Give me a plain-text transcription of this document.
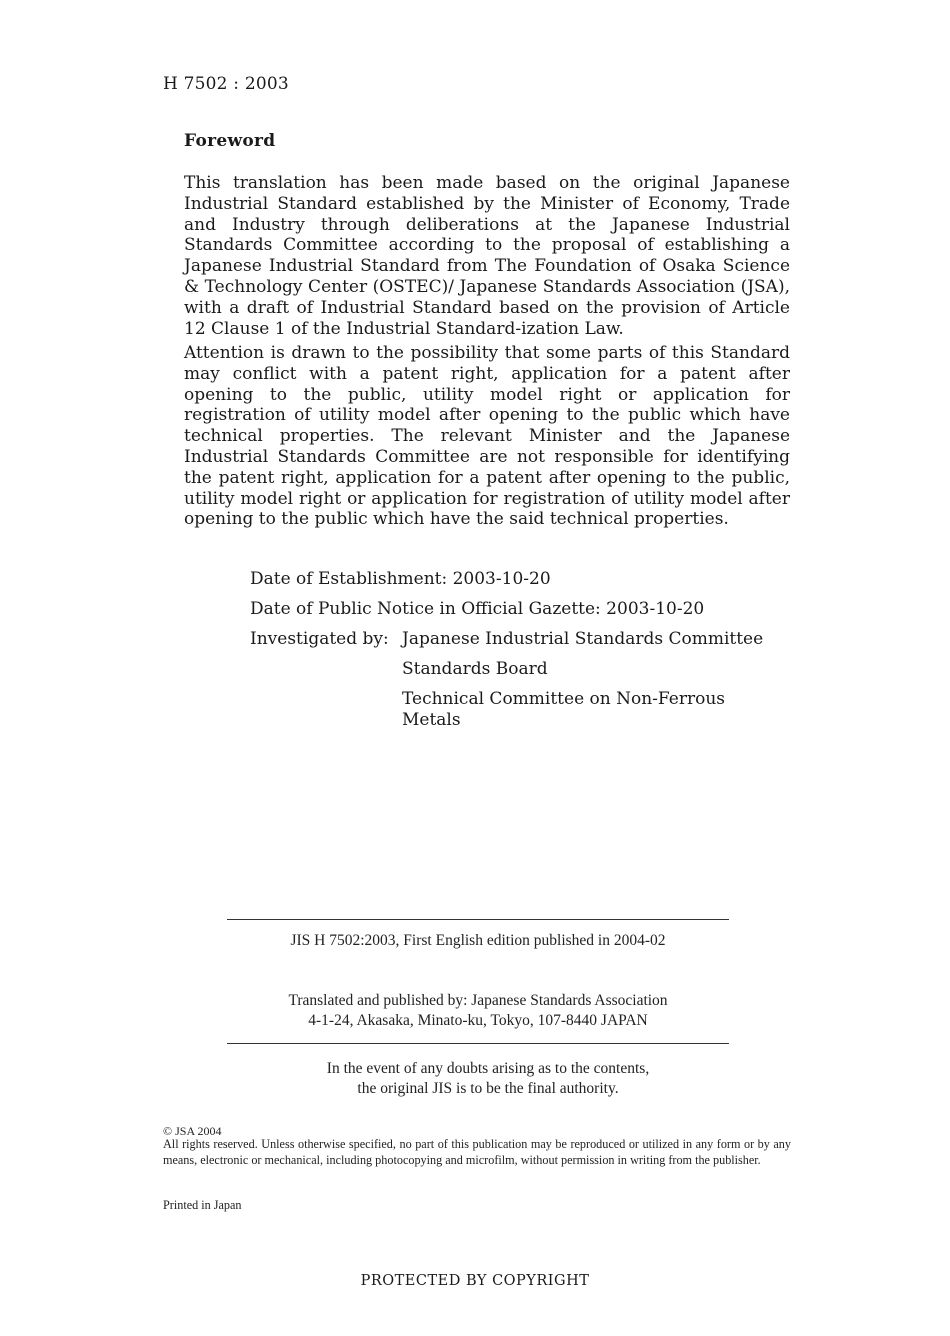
H 7502 : 2003
Foreword

This translation has been made based on the original Japanese Industrial Standard established by the Minister of Economy, Trade and Industry through deliberations at the Japanese Industrial Standards Committee according to the proposal of establishing a Japanese Industrial Standard from The Foundation of Osaka Science & Technology Center (OSTEC)/ Japanese Standards Association (JSA), with a draft of Industrial Standard based on the provision of Article 12 Clause 1 of the Industrial Standard-ization Law.

Attention is drawn to the possibility that some parts of this Standard may conflict with a patent right, application for a patent after opening to the public, utility model right or application for registration of utility model after opening to the public which have technical properties. The relevant Minister and the Japanese Industrial Standards Committee are not responsible for identifying the patent right, application for a patent after opening to the public, utility model right or application for registration of utility model after opening to the public which have the said technical properties.

Date of Establishment: 2003-10-20
Date of Public Notice in Official Gazette: 2003-10-20
Investigated by: Japanese Industrial Standards Committee
Standards Board
Technical Committee on Non-Ferrous Metals
JIS H 7502:2003, First English edition published in 2004-02
Translated and published by: Japanese Standards Association
4-1-24, Akasaka, Minato-ku, Tokyo, 107-8440 JAPAN
In the event of any doubts arising as to the contents,
the original JIS is to be the final authority.
© JSA 2004
All rights reserved. Unless otherwise specified, no part of this publication may be reproduced or utilized in any form or by any means, electronic or mechanical, including photocopying and microfilm, without permission in writing from the publisher.
Printed in Japan
PROTECTED BY COPYRIGHT
